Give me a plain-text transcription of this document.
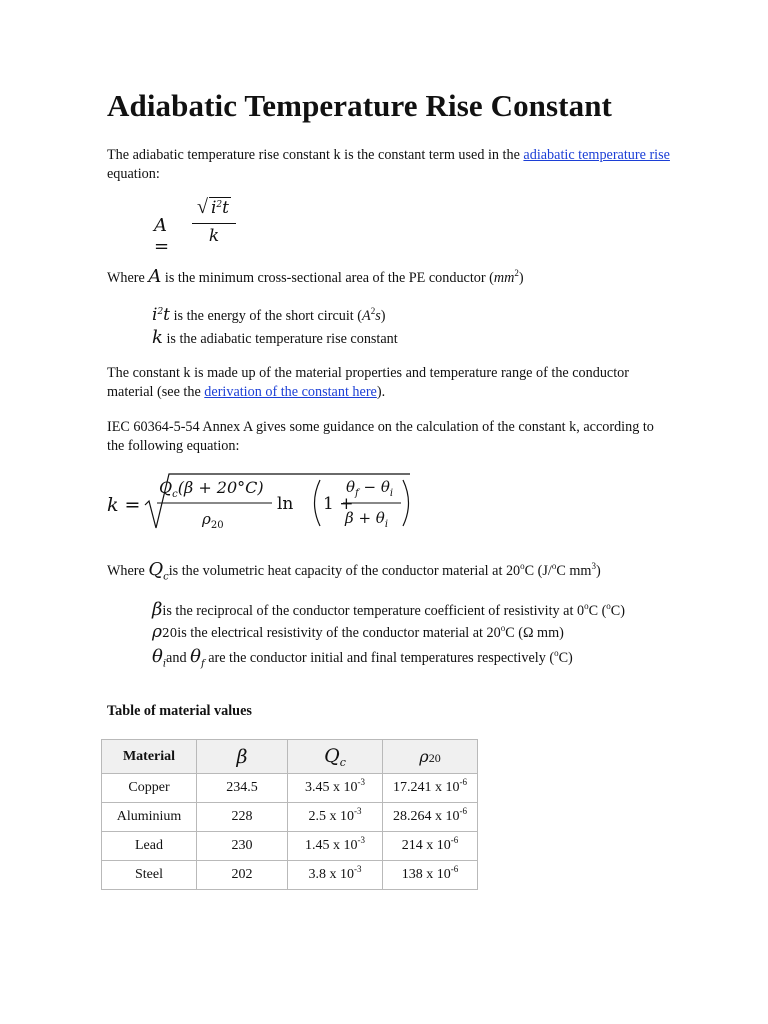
Adiabatic Temperature Rise Constant

The adiabatic temperature rise constant k is the constant term used in the adiabatic temperature rise equation:

A =
√ $i^2t$
k
Where A is the minimum cross-sectional area of the PE conductor $(mm^2)$
$i^2t$ is the energy of the short circuit $(A^2s)$
k is the adiabatic temperature rise constant

The constant k is made up of the material properties and temperature range of the conductor
material (see the derivation of the constant here).

IEC 60364-5-54 Annex A gives some guidance on the calculation of the constant k, according to
the following equation:

k =
$Q_c(\beta + 20^\circ C)$
$\rho_{20}$
ln 1 +
$\theta_f - \theta_i$
$\beta + \theta_i$
Where $Q_cis$ the volumetric heat capacity of the conductor material at 20$^o$C (J/$^o$C $mm^3$)
βis the reciprocal of the conductor temperature coefficient of resistivity at 0$^o$C ($^o$C)
ρ20is the electrical resistivity of the conductor material at 20$^o$C (Ω mm)
$\theta_iand$ $\theta_f$ are the conductor initial and final temperatures respectively ($^o$C)
Table of material values
Material	β	$Q_c$	ρ20
Copper	234.5	3.45 x $10^{-3}$	17.241 x $10^{-6}$
Aluminium	228	2.5 x $10^{-3}$	28.264 x $10^{-6}$
Lead	230	1.45 x $10^{-3}$	214 x $10^{-6}$
Steel	202	3.8 x $10^{-3}$	138 x $10^{-6}$
